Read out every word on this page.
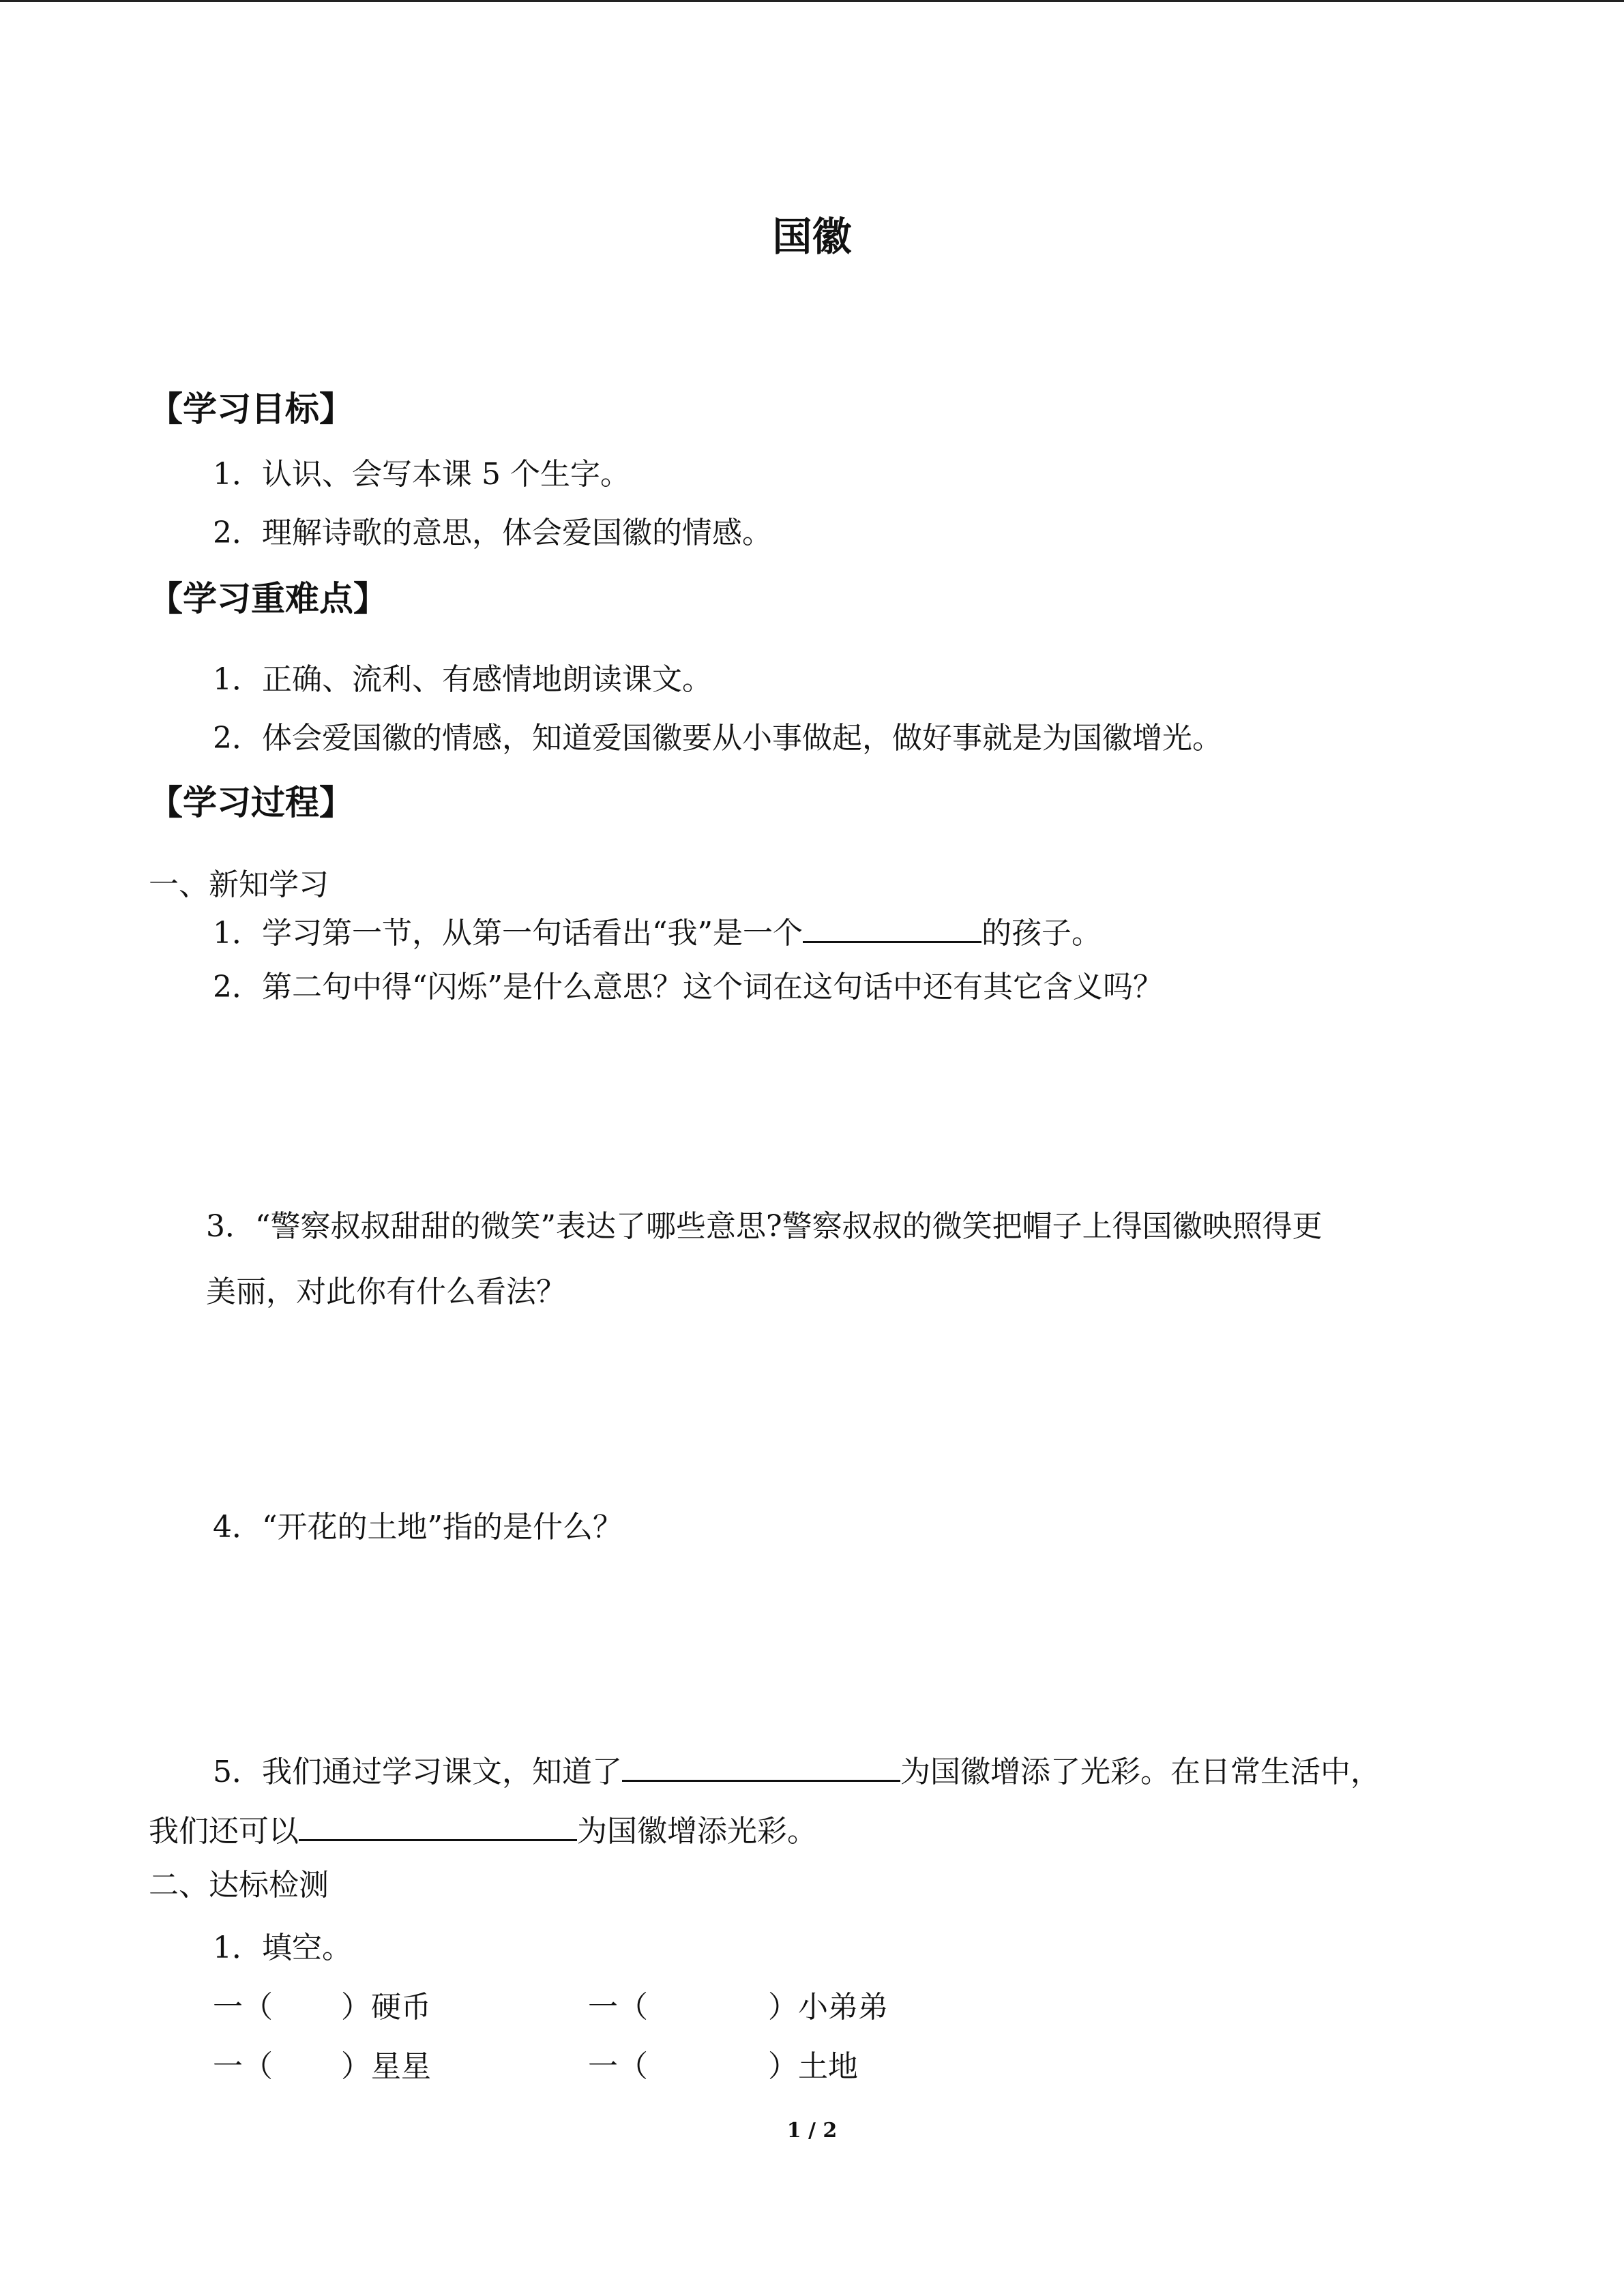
国徽
【学习目标】
1．认识、会写本课 5 个生字。
2．理解诗歌的意思，体会爱国徽的情感。
【学习重难点】
1．正确、流利、有感情地朗读课文。
2．体会爱国徽的情感，知道爱国徽要从小事做起，做好事就是为国徽增光。
【学习过程】
一、新知学习
1．学习第一节，从第一句话看出“我”是一个	的孩子。
2．第二句中得“闪烁”是什么意思？这个词在这句话中还有其它含义吗？
3．“警察叔叔甜甜的微笑”表达了哪些意思?警察叔叔的微笑把帽子上得国徽映照得更
美丽，对此你有什么看法？
4．“开花的土地”指的是什么？
5．我们通过学习课文，知道了	为国徽增添了光彩。在日常生活中，
我们还可以	为国徽增添光彩。
二、达标检测
1．填空。
一（ ）硬币	一（	）小弟弟
一（ ）星星	一（	）土地
1 / 2
